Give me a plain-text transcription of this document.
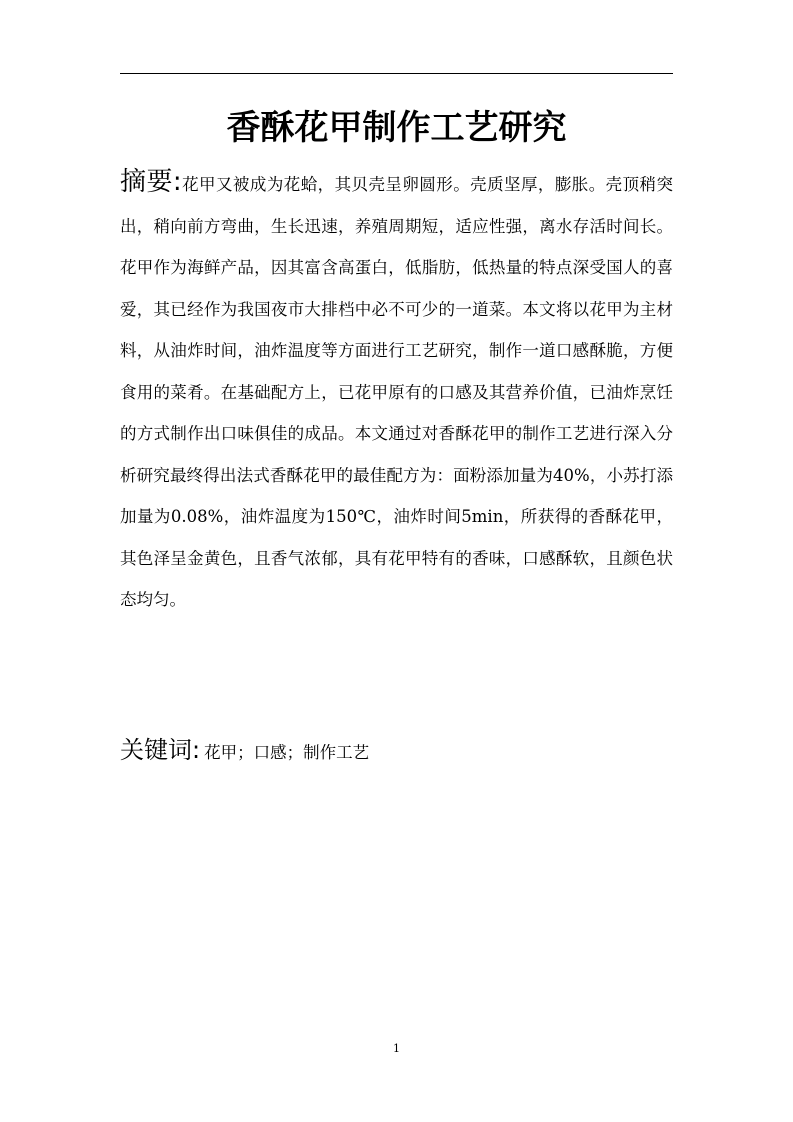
香酥花甲制作工艺研究

摘要:花甲又被成为花蛤，其贝壳呈卵圆形。壳质坚厚，膨胀。壳顶稍突出，稍向前方弯曲，生长迅速，养殖周期短，适应性强，离水存活时间长。花甲作为海鲜产品，因其富含高蛋白，低脂肪，低热量的特点深受国人的喜爱，其已经作为我国夜市大排档中必不可少的一道菜。本文将以花甲为主材料，从油炸时间，油炸温度等方面进行工艺研究，制作一道口感酥脆，方便食用的菜肴。在基础配方上，已花甲原有的口感及其营养价值，已油炸烹饪的方式制作出口味俱佳的成品。本文通过对香酥花甲的制作工艺进行深入分析研究最终得出法式香酥花甲的最佳配方为：面粉添加量为40%，小苏打添加量为0.08%，油炸温度为150℃，油炸时间5min，所获得的香酥花甲，其色泽呈金黄色，且香气浓郁，具有花甲特有的香味，口感酥软，且颜色状态均匀。

关键词: 花甲；口感；制作工艺

1
